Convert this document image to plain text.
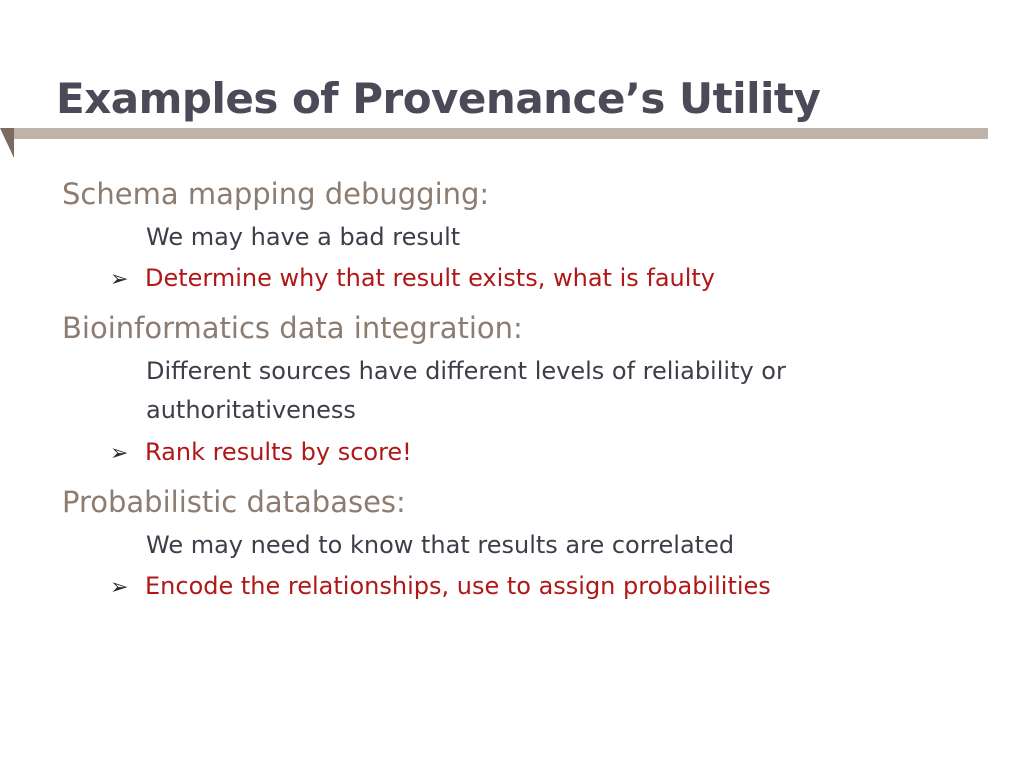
Examples of Provenance’s Utility
Schema mapping debugging:
We may have a bad result
➢ Determine why that result exists, what is faulty
Bioinformatics data integration:
Different sources have different levels of reliability or authoritativeness
➢ Rank results by score!
Probabilistic databases:
We may need to know that results are correlated
➢ Encode the relationships, use to assign probabilities
